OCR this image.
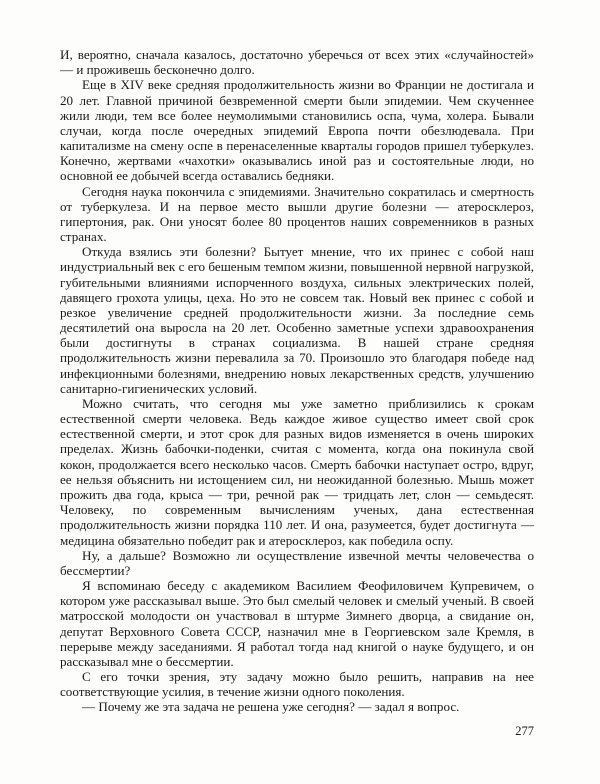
И, вероятно, сначала казалось, достаточно уберечься от всех этих «случайностей» — и проживешь бесконечно долго.

Еще в XIV веке средняя продолжительность жизни во Франции не достигала и 20 лет. Главной причиной безвременной смерти были эпидемии. Чем скученнее жили люди, тем все более неумолимыми становились оспа, чума, холера. Бывали случаи, когда после очередных эпидемий Европа почти обезлюдевала. При капитализме на смену оспе в перенаселенные кварталы городов пришел туберкулез. Конечно, жертвами «чахотки» оказывались иной раз и состоятельные люди, но основной ее добычей всегда оставались бедняки.

Сегодня наука покончила с эпидемиями. Значительно сократилась и смертность от туберкулеза. И на первое место вышли другие болезни — атеросклероз, гипертония, рак. Они уносят более 80 процентов наших современников в разных странах.

Откуда взялись эти болезни? Бытует мнение, что их принес с собой наш индустриальный век с его бешеным темпом жизни, повышенной нервной нагрузкой, губительными влияниями испорченного воздуха, сильных электрических полей, давящего грохота улицы, цеха. Но это не совсем так. Новый век принес с собой и резкое увеличение средней продолжительности жизни. За последние семь десятилетий она выросла на 20 лет. Особенно заметные успехи здравоохранения были достигнуты в странах социализма. В нашей стране средняя продолжительность жизни перевалила за 70. Произошло это благодаря победе над инфекционными болезнями, внедрению новых лекарственных средств, улучшению санитарно-гигиенических условий.

Можно считать, что сегодня мы уже заметно приблизились к срокам естественной смерти человека. Ведь каждое живое существо имеет свой срок естественной смерти, и этот срок для разных видов изменяется в очень широких пределах. Жизнь бабочки-поденки, считая с момента, когда она покинула свой кокон, продолжается всего несколько часов. Смерть бабочки наступает остро, вдруг, ее нельзя объяснить ни истощением сил, ни неожиданной болезнью. Мышь может прожить два года, крыса — три, речной рак — тридцать лет, слон — семьдесят. Человеку, по современным вычислениям ученых, дана естественная продолжительность жизни порядка 110 лет. И она, разумеется, будет достигнута — медицина обязательно победит рак и атеросклероз, как победила оспу.

Ну, а дальше? Возможно ли осуществление извечной мечты человечества о бессмертии?

Я вспоминаю беседу с академиком Василием Феофиловичем Купревичем, о котором уже рассказывал выше. Это был смелый человек и смелый ученый. В своей матросской молодости он участвовал в штурме Зимнего дворца, а свидание он, депутат Верховного Совета СССР, назначил мне в Георгиевском зале Кремля, в перерыве между заседаниями. Я работал тогда над книгой о науке будущего, и он рассказывал мне о бессмертии.

С его точки зрения, эту задачу можно было решить, направив на нее соответствующие усилия, в течение жизни одного поколения.

— Почему же эта задача не решена уже сегодня? — задал я вопрос.

277
